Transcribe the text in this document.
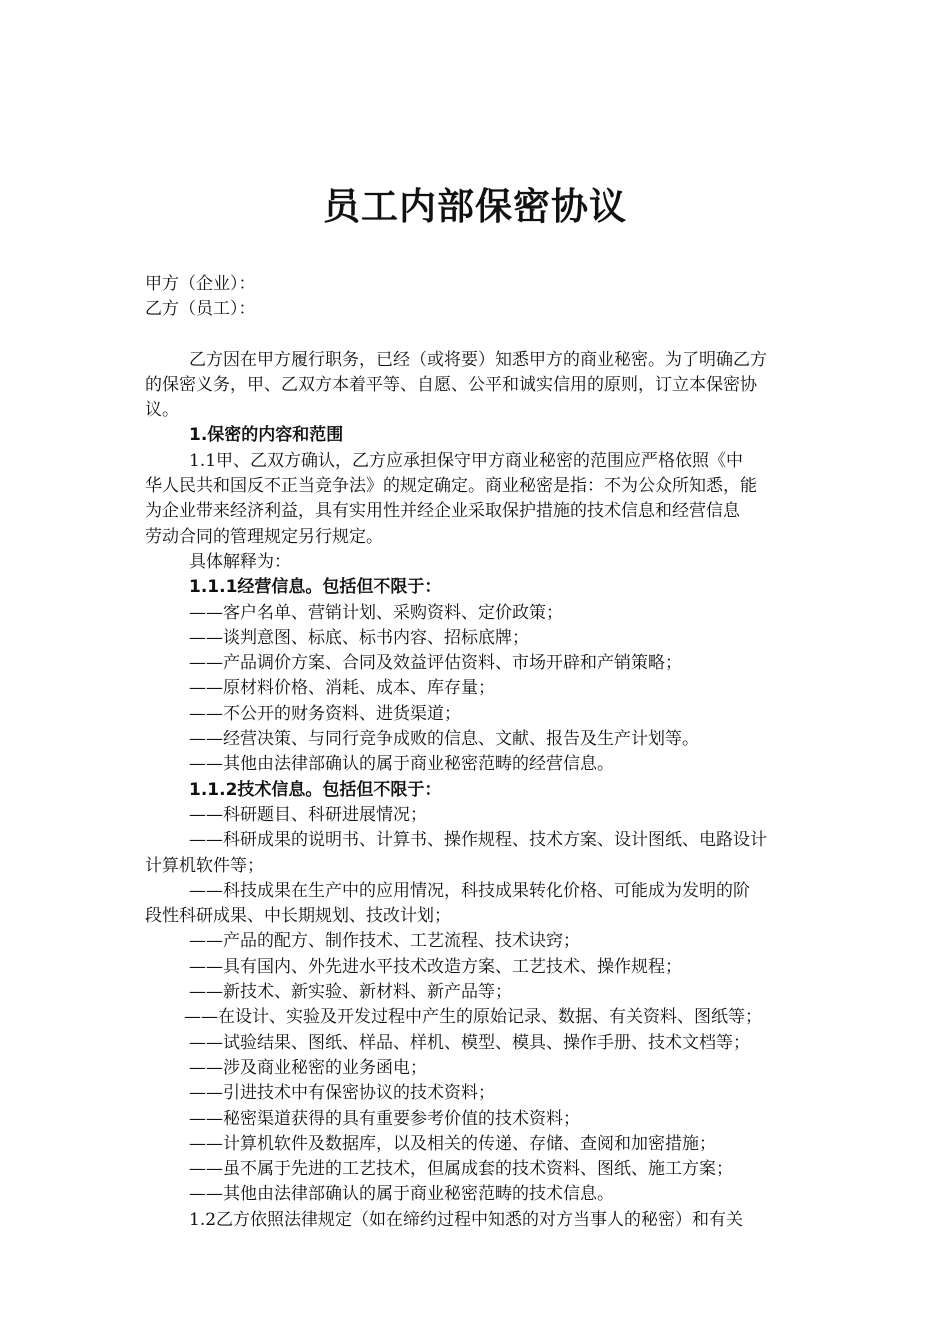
员工内部保密协议
甲方（企业）：
乙方（员工）：
乙方因在甲方履行职务，已经（或将要）知悉甲方的商业秘密。为了明确乙方
的保密义务，甲、乙双方本着平等、自愿、公平和诚实信用的原则，订立本保密协
议。
1.保密的内容和范围
1.1甲、乙双方确认，乙方应承担保守甲方商业秘密的范围应严格依照《中
华人民共和国反不正当竞争法》的规定确定。商业秘密是指：不为公众所知悉，能
为企业带来经济利益，具有实用性并经企业采取保护措施的技术信息和经营信息
劳动合同的管理规定另行规定。
具体解释为：
1.1.1经营信息。包括但不限于：
——客户名单、营销计划、采购资料、定价政策；
——谈判意图、标底、标书内容、招标底牌；
——产品调价方案、合同及效益评估资料、市场开辟和产销策略；
——原材料价格、消耗、成本、库存量；
——不公开的财务资料、进货渠道；
——经营决策、与同行竞争成败的信息、文献、报告及生产计划等。
——其他由法律部确认的属于商业秘密范畴的经营信息。
1.1.2技术信息。包括但不限于：
——科研题目、科研进展情况；
——科研成果的说明书、计算书、操作规程、技术方案、设计图纸、电路设计
计算机软件等；
——科技成果在生产中的应用情况，科技成果转化价格、可能成为发明的阶
段性科研成果、中长期规划、技改计划；
——产品的配方、制作技术、工艺流程、技术诀窍；
——具有国内、外先进水平技术改造方案、工艺技术、操作规程；
——新技术、新实验、新材料、新产品等；
——在设计、实验及开发过程中产生的原始记录、数据、有关资料、图纸等；
——试验结果、图纸、样品、样机、模型、模具、操作手册、技术文档等；
——涉及商业秘密的业务函电；
——引进技术中有保密协议的技术资料；
——秘密渠道获得的具有重要参考价值的技术资料；
——计算机软件及数据库，以及相关的传递、存储、查阅和加密措施；
——虽不属于先进的工艺技术，但属成套的技术资料、图纸、施工方案；
——其他由法律部确认的属于商业秘密范畴的技术信息。
1.2乙方依照法律规定（如在缔约过程中知悉的对方当事人的秘密）和有关
